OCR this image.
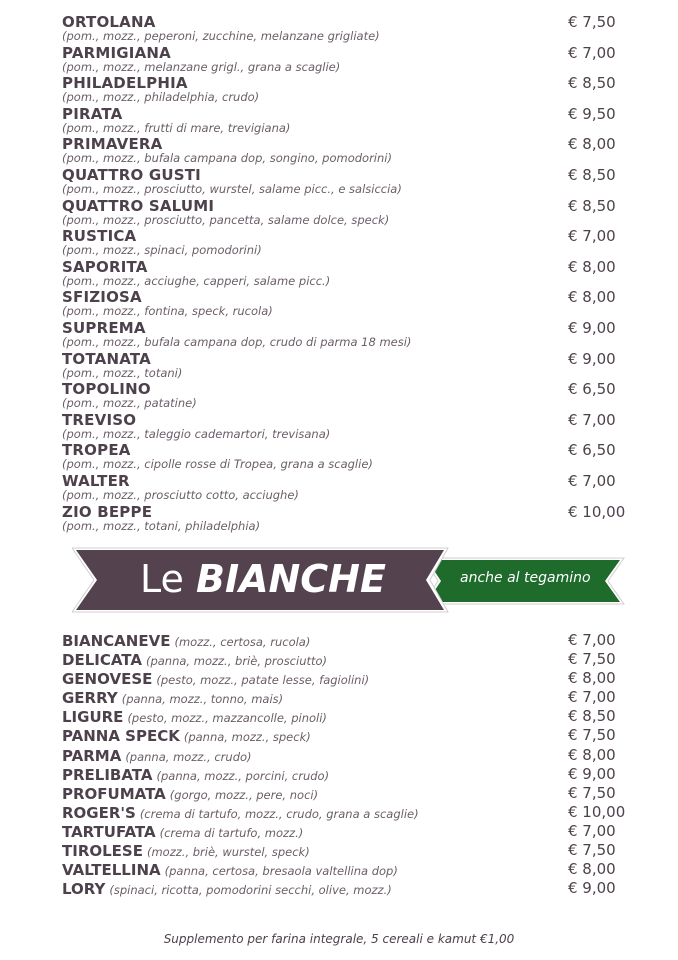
ORTOLANA
(pom., mozz., peperoni, zucchine, melanzane grigliate)
€ 7,50
PARMIGIANA
(pom., mozz., melanzane grigl., grana a scaglie)
€ 7,00
PHILADELPHIA
(pom., mozz., philadelphia, crudo)
€ 8,50
PIRATA
(pom., mozz., frutti di mare, trevigiana)
€ 9,50
PRIMAVERA
(pom., mozz., bufala campana dop, songino, pomodorini)
€ 8,00
QUATTRO GUSTI
(pom., mozz., prosciutto, wurstel, salame picc., e salsiccia)
€ 8,50
QUATTRO SALUMI
(pom., mozz., prosciutto, pancetta, salame dolce, speck)
€ 8,50
RUSTICA
(pom., mozz., spinaci, pomodorini)
€ 7,00
SAPORITA
(pom., mozz., acciughe, capperi, salame picc.)
€ 8,00
SFIZIOSA
(pom., mozz., fontina, speck, rucola)
€ 8,00
SUPREMA
(pom., mozz., bufala campana dop, crudo di parma 18 mesi)
€ 9,00
TOTANATA
(pom., mozz., totani)
€ 9,00
TOPOLINO
(pom., mozz., patatine)
€ 6,50
TREVISO
(pom., mozz., taleggio cademartori, trevisana)
€ 7,00
TROPEA
(pom., mozz., cipolle rosse di Tropea, grana a scaglie)
€ 6,50
WALTER
(pom., mozz., prosciutto cotto, acciughe)
€ 7,00
ZIO BEPPE
(pom., mozz., totani, philadelphia)
€ 10,00
Le BIANCHE	anche al tegamino
BIANCANEVE (mozz., certosa, rucola)	€ 7,00
DELICATA (panna, mozz., briè, prosciutto)	€ 7,50
GENOVESE (pesto, mozz., patate lesse, fagiolini)	€ 8,00
GERRY (panna, mozz., tonno, mais)	€ 7,00
LIGURE (pesto, mozz., mazzancolle, pinoli)	€ 8,50
PANNA SPECK (panna, mozz., speck)	€ 7,50
PARMA (panna, mozz., crudo)	€ 8,00
PRELIBATA (panna, mozz., porcini, crudo)	€ 9,00
PROFUMATA (gorgo, mozz., pere, noci)	€ 7,50
ROGER'S (crema di tartufo, mozz., crudo, grana a scaglie)	€ 10,00
TARTUFATA (crema di tartufo, mozz.)	€ 7,00
TIROLESE (mozz., briè, wurstel, speck)	€ 7,50
VALTELLINA (panna, certosa, bresaola valtellina dop)	€ 8,00
LORY (spinaci, ricotta, pomodorini secchi, olive, mozz.)	€ 9,00
Supplemento per farina integrale, 5 cereali e kamut €1,00
